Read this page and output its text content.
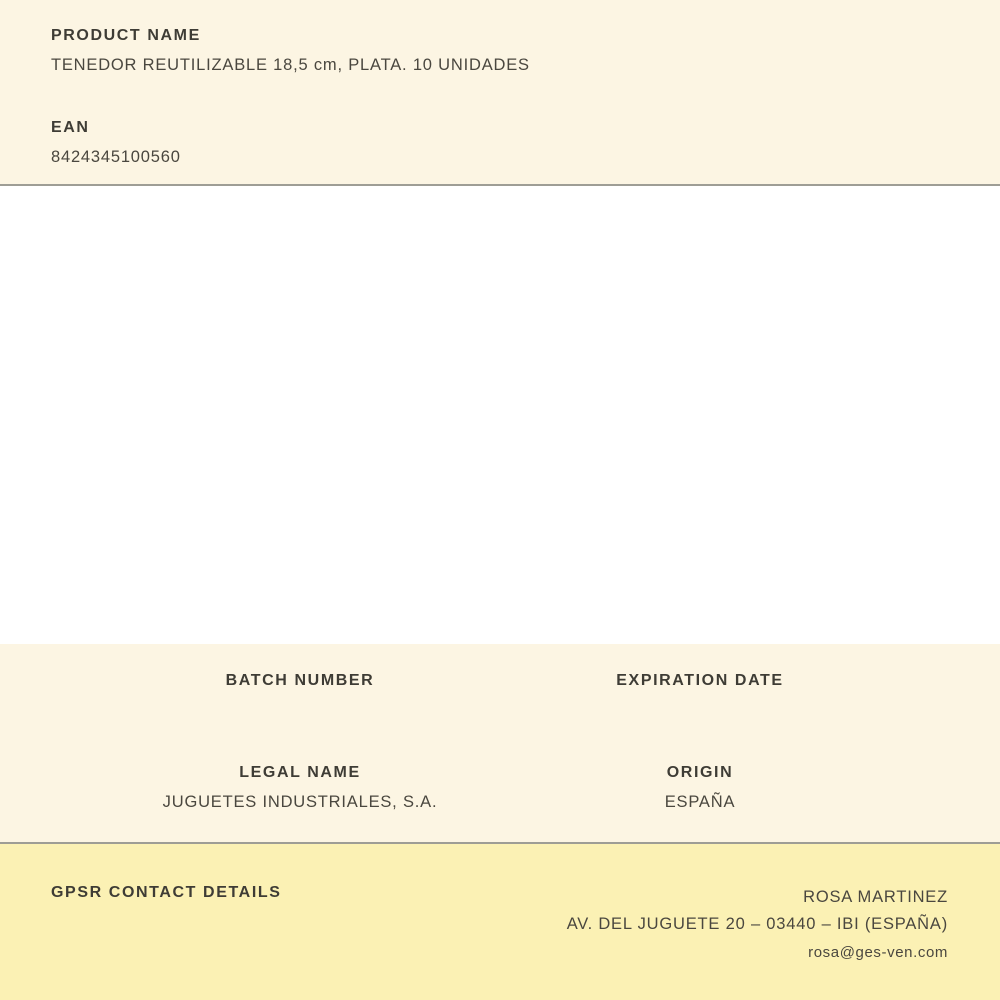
PRODUCT NAME
TENEDOR REUTILIZABLE 18,5 cm, PLATA. 10 UNIDADES
EAN
8424345100560
BATCH NUMBER	EXPIRATION DATE
LEGAL NAME
JUGUETES INDUSTRIALES, S.A.
ORIGIN
ESPAÑA
GPSR CONTACT DETAILS	ROSA MARTINEZ
AV. DEL JUGUETE 20 – 03440 – IBI (ESPAÑA)
rosa@ges-ven.com
